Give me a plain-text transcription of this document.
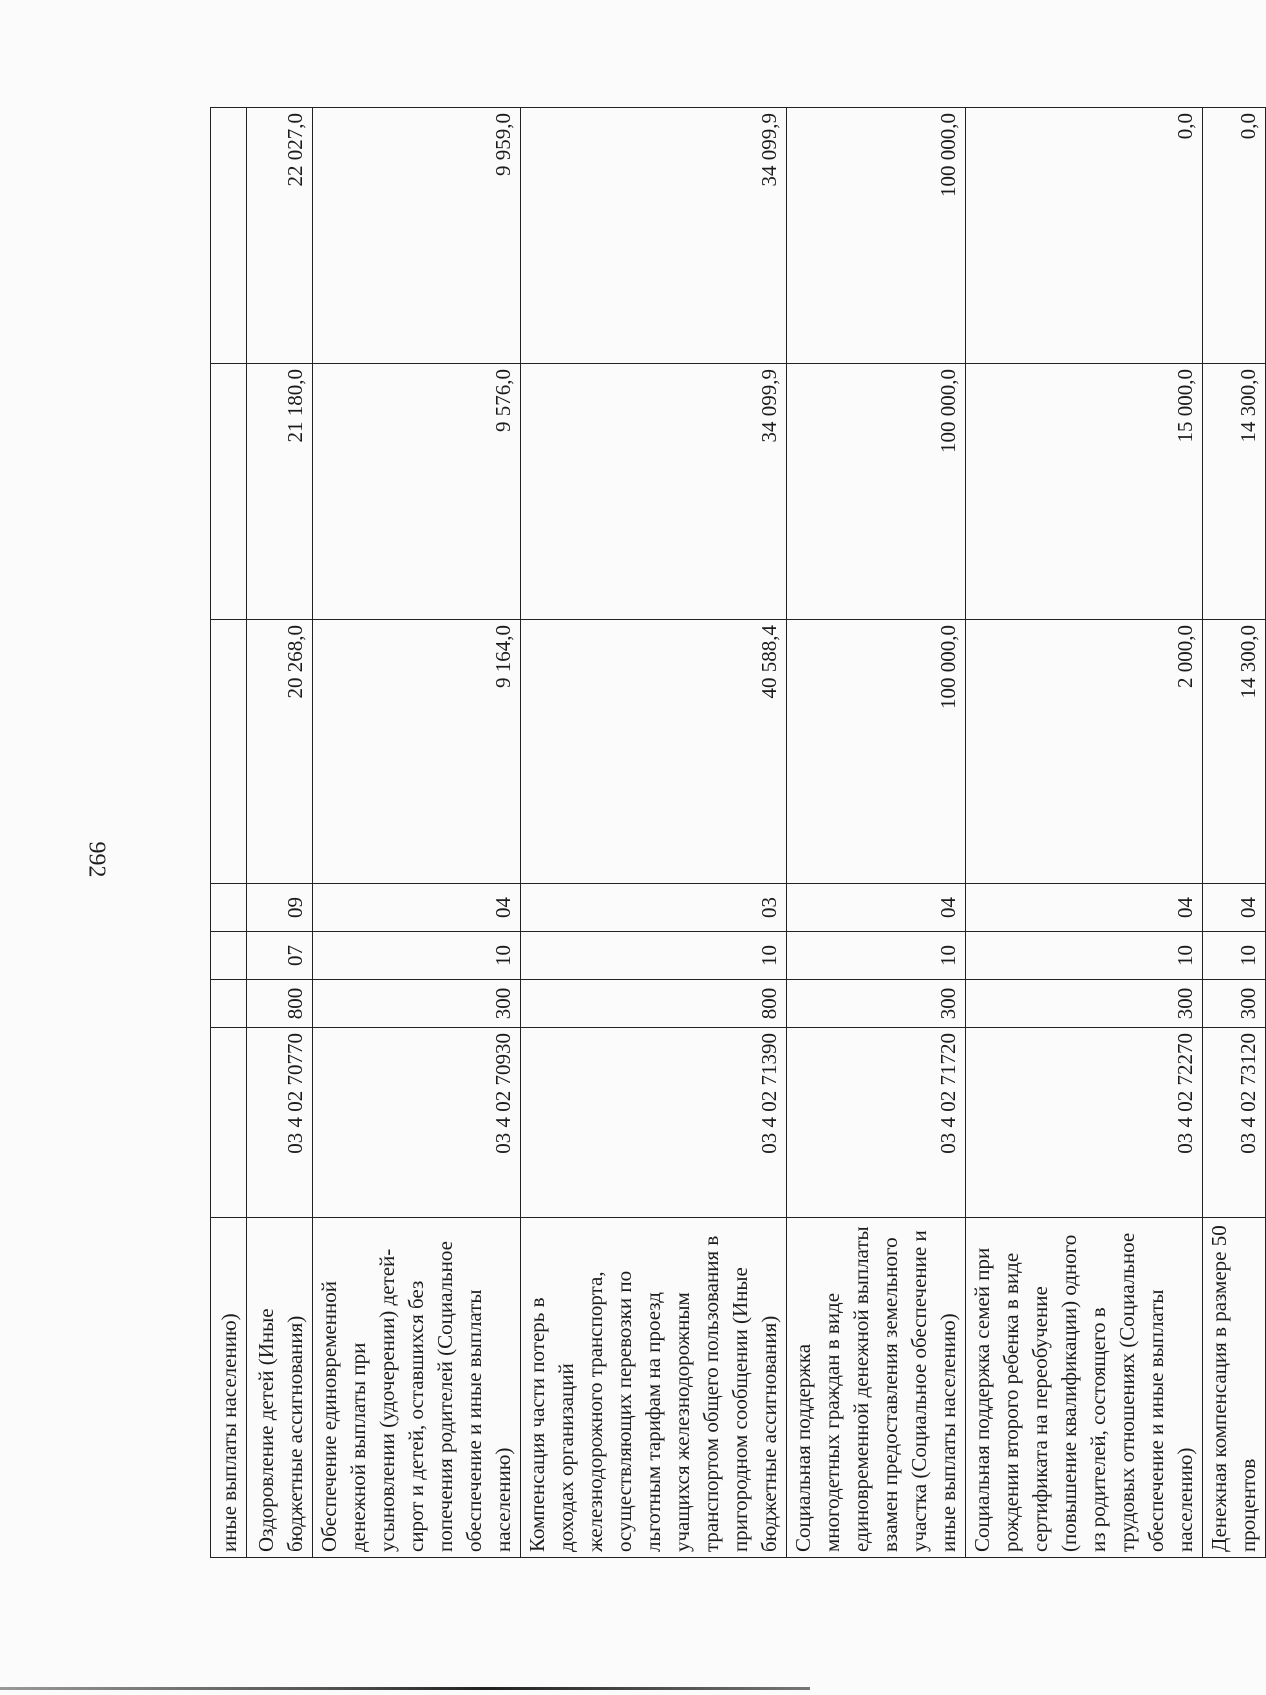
992
иные выплаты населению)							
Оздоровление детей (Иные бюджетные ассигнования)	03 4 02 70770	800	07	09	20 268,0	21 180,0	22 027,0
Обеспечение единовременной денежной выплаты при усыновлении (удочерении) детей-сирот и детей, оставшихся без попечения родителей (Социальное обеспечение и иные выплаты населению)	03 4 02 70930	300	10	04	9 164,0	9 576,0	9 959,0
Компенсация части потерь в доходах организаций железнодорожного транспорта, осуществляющих перевозки по льготным тарифам на проезд учащихся железнодорожным транспортом общего пользования в пригородном сообщении (Иные бюджетные ассигнования)	03 4 02 71390	800	10	03	40 588,4	34 099,9	34 099,9
Социальная поддержка многодетных граждан в виде единовременной денежной выплаты взамен предоставления земельного участка (Социальное обеспечение и иные выплаты населению)	03 4 02 71720	300	10	04	100 000,0	100 000,0	100 000,0
Социальная поддержка семей при рождении второго ребенка в виде сертификата на переобучение (повышение квалификации) одного из родителей, состоящего в трудовых отношениях (Социальное обеспечение и иные выплаты населению)	03 4 02 72270	300	10	04	2 000,0	15 000,0	0,0
Денежная компенсация в размере 50 процентов	03 4 02 73120	300	10	04	14 300,0	14 300,0	0,0
